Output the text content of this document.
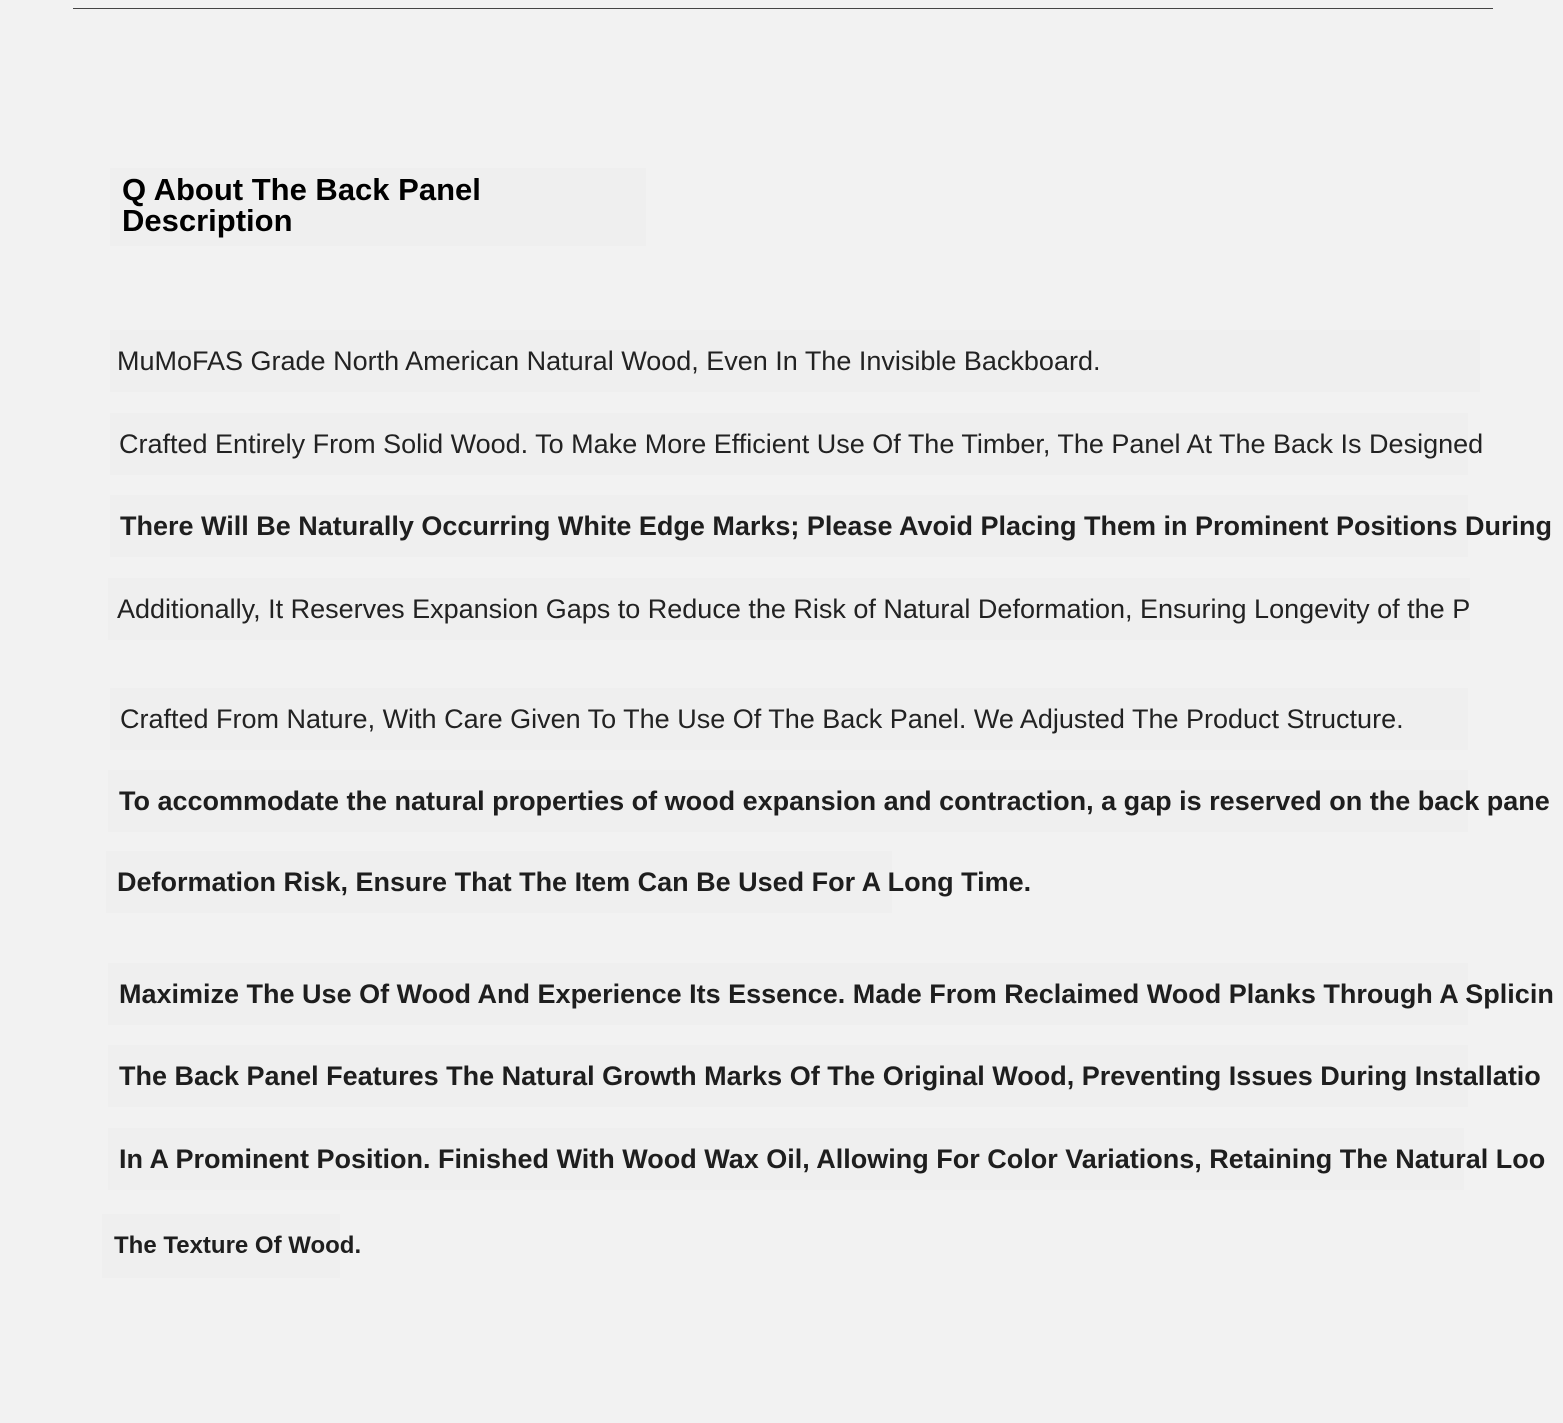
Q About The Back Panel
Description
MuMoFAS Grade North American Natural Wood, Even In The Invisible Backboard.
Crafted Entirely From Solid Wood. To Make More Efficient Use Of The Timber, The Panel At The Back Is Designed
There Will Be Naturally Occurring White Edge Marks; Please Avoid Placing Them in Prominent Positions During
Additionally, It Reserves Expansion Gaps to Reduce the Risk of Natural Deformation, Ensuring Longevity of the P
Crafted From Nature, With Care Given To The Use Of The Back Panel. We Adjusted The Product Structure.
To accommodate the natural properties of wood expansion and contraction, a gap is reserved on the back pane
Deformation Risk, Ensure That The Item Can Be Used For A Long Time.
Maximize The Use Of Wood And Experience Its Essence. Made From Reclaimed Wood Planks Through A Splicin
The Back Panel Features The Natural Growth Marks Of The Original Wood, Preventing Issues During Installatio
In A Prominent Position. Finished With Wood Wax Oil, Allowing For Color Variations, Retaining The Natural Loo
The Texture Of Wood.
